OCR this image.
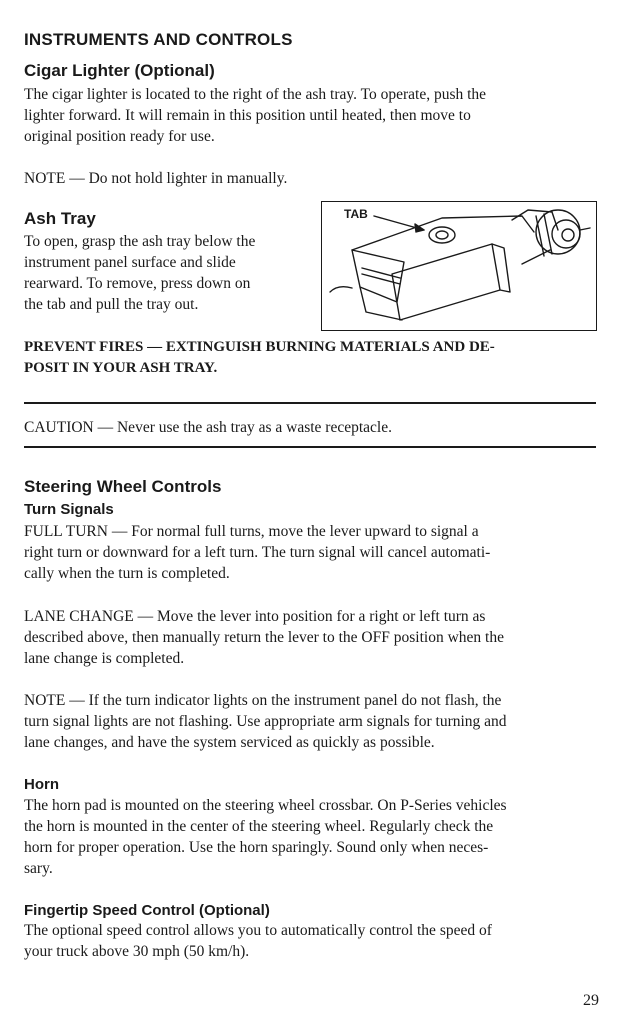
INSTRUMENTS AND CONTROLS
Cigar Lighter (Optional)
The cigar lighter is located to the right of the ash tray. To operate, push the
lighter forward. It will remain in this position until heated, then move to
original position ready for use.
NOTE — Do not hold lighter in manually.
Ash Tray
To open, grasp the ash tray below the
instrument panel surface and slide
rearward. To remove, press down on
the tab and pull the tray out.
TAB
PREVENT FIRES — EXTINGUISH BURNING MATERIALS AND DE-
POSIT IN YOUR ASH TRAY.
CAUTION — Never use the ash tray as a waste receptacle.
Steering Wheel Controls
Turn Signals
FULL TURN — For normal full turns, move the lever upward to signal a
right turn or downward for a left turn. The turn signal will cancel automati-
cally when the turn is completed.
LANE CHANGE — Move the lever into position for a right or left turn as
described above, then manually return the lever to the OFF position when the
lane change is completed.
NOTE — If the turn indicator lights on the instrument panel do not flash, the
turn signal lights are not flashing. Use appropriate arm signals for turning and
lane changes, and have the system serviced as quickly as possible.
Horn
The horn pad is mounted on the steering wheel crossbar. On P-Series vehicles
the horn is mounted in the center of the steering wheel. Regularly check the
horn for proper operation. Use the horn sparingly. Sound only when neces-
sary.
Fingertip Speed Control (Optional)
The optional speed control allows you to automatically control the speed of
your truck above 30 mph (50 km/h).
29
